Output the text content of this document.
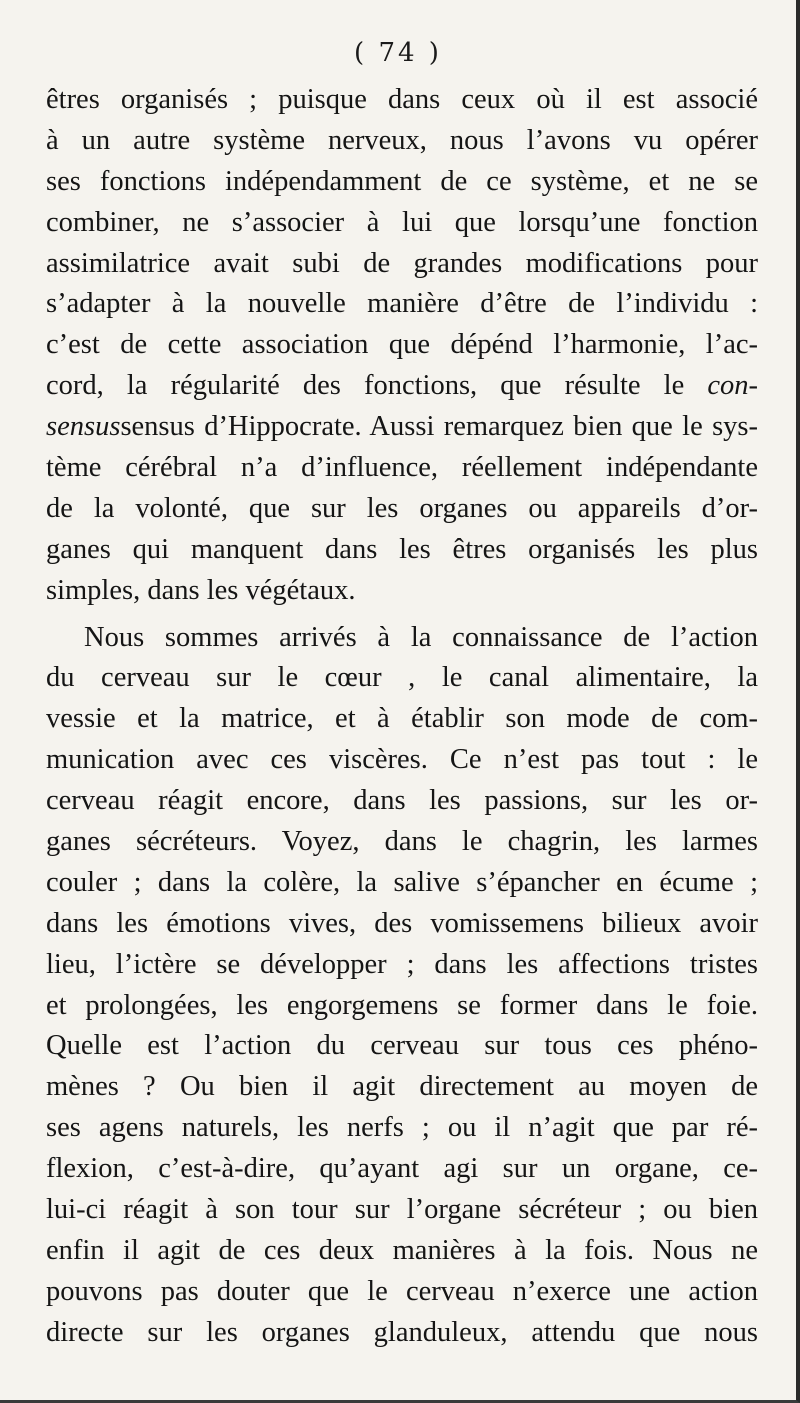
( 74 )
êtres organisés ; puisque dans ceux où il est associé
à un autre système nerveux, nous l’avons vu opérer
ses fonctions indépendamment de ce système, et ne se
combiner, ne s’associer à lui que lorsqu’une fonction
assimilatrice avait subi de grandes modifications pour
s’adapter à la nouvelle manière d’être de l’individu :
c’est de cette association que dépénd l’harmonie, l’ac-
cord, la régularité des fonctions, que résulte le con-
sensussensus d’Hippocrate. Aussi remarquez bien que le sys-
tème cérébral n’a d’influence, réellement indépendante
de la volonté, que sur les organes ou appareils d’or-
ganes qui manquent dans les êtres organisés les plus
simples, dans les végétaux.
Nous sommes arrivés à la connaissance de l’action
du cerveau sur le cœur , le canal alimentaire, la
vessie et la matrice, et à établir son mode de com-
munication avec ces viscères. Ce n’est pas tout : le
cerveau réagit encore, dans les passions, sur les or-
ganes sécréteurs. Voyez, dans le chagrin, les larmes
couler ; dans la colère, la salive s’épancher en écume ;
dans les émotions vives, des vomissemens bilieux avoir
lieu, l’ictère se développer ; dans les affections tristes
et prolongées, les engorgemens se former dans le foie.
Quelle est l’action du cerveau sur tous ces phéno-
mènes ? Ou bien il agit directement au moyen de
ses agens naturels, les nerfs ; ou il n’agit que par ré-
flexion, c’est-à-dire, qu’ayant agi sur un organe, ce-
lui-ci réagit à son tour sur l’organe sécréteur ; ou bien
enfin il agit de ces deux manières à la fois. Nous ne
pouvons pas douter que le cerveau n’exerce une action
directe sur les organes glanduleux, attendu que nous
